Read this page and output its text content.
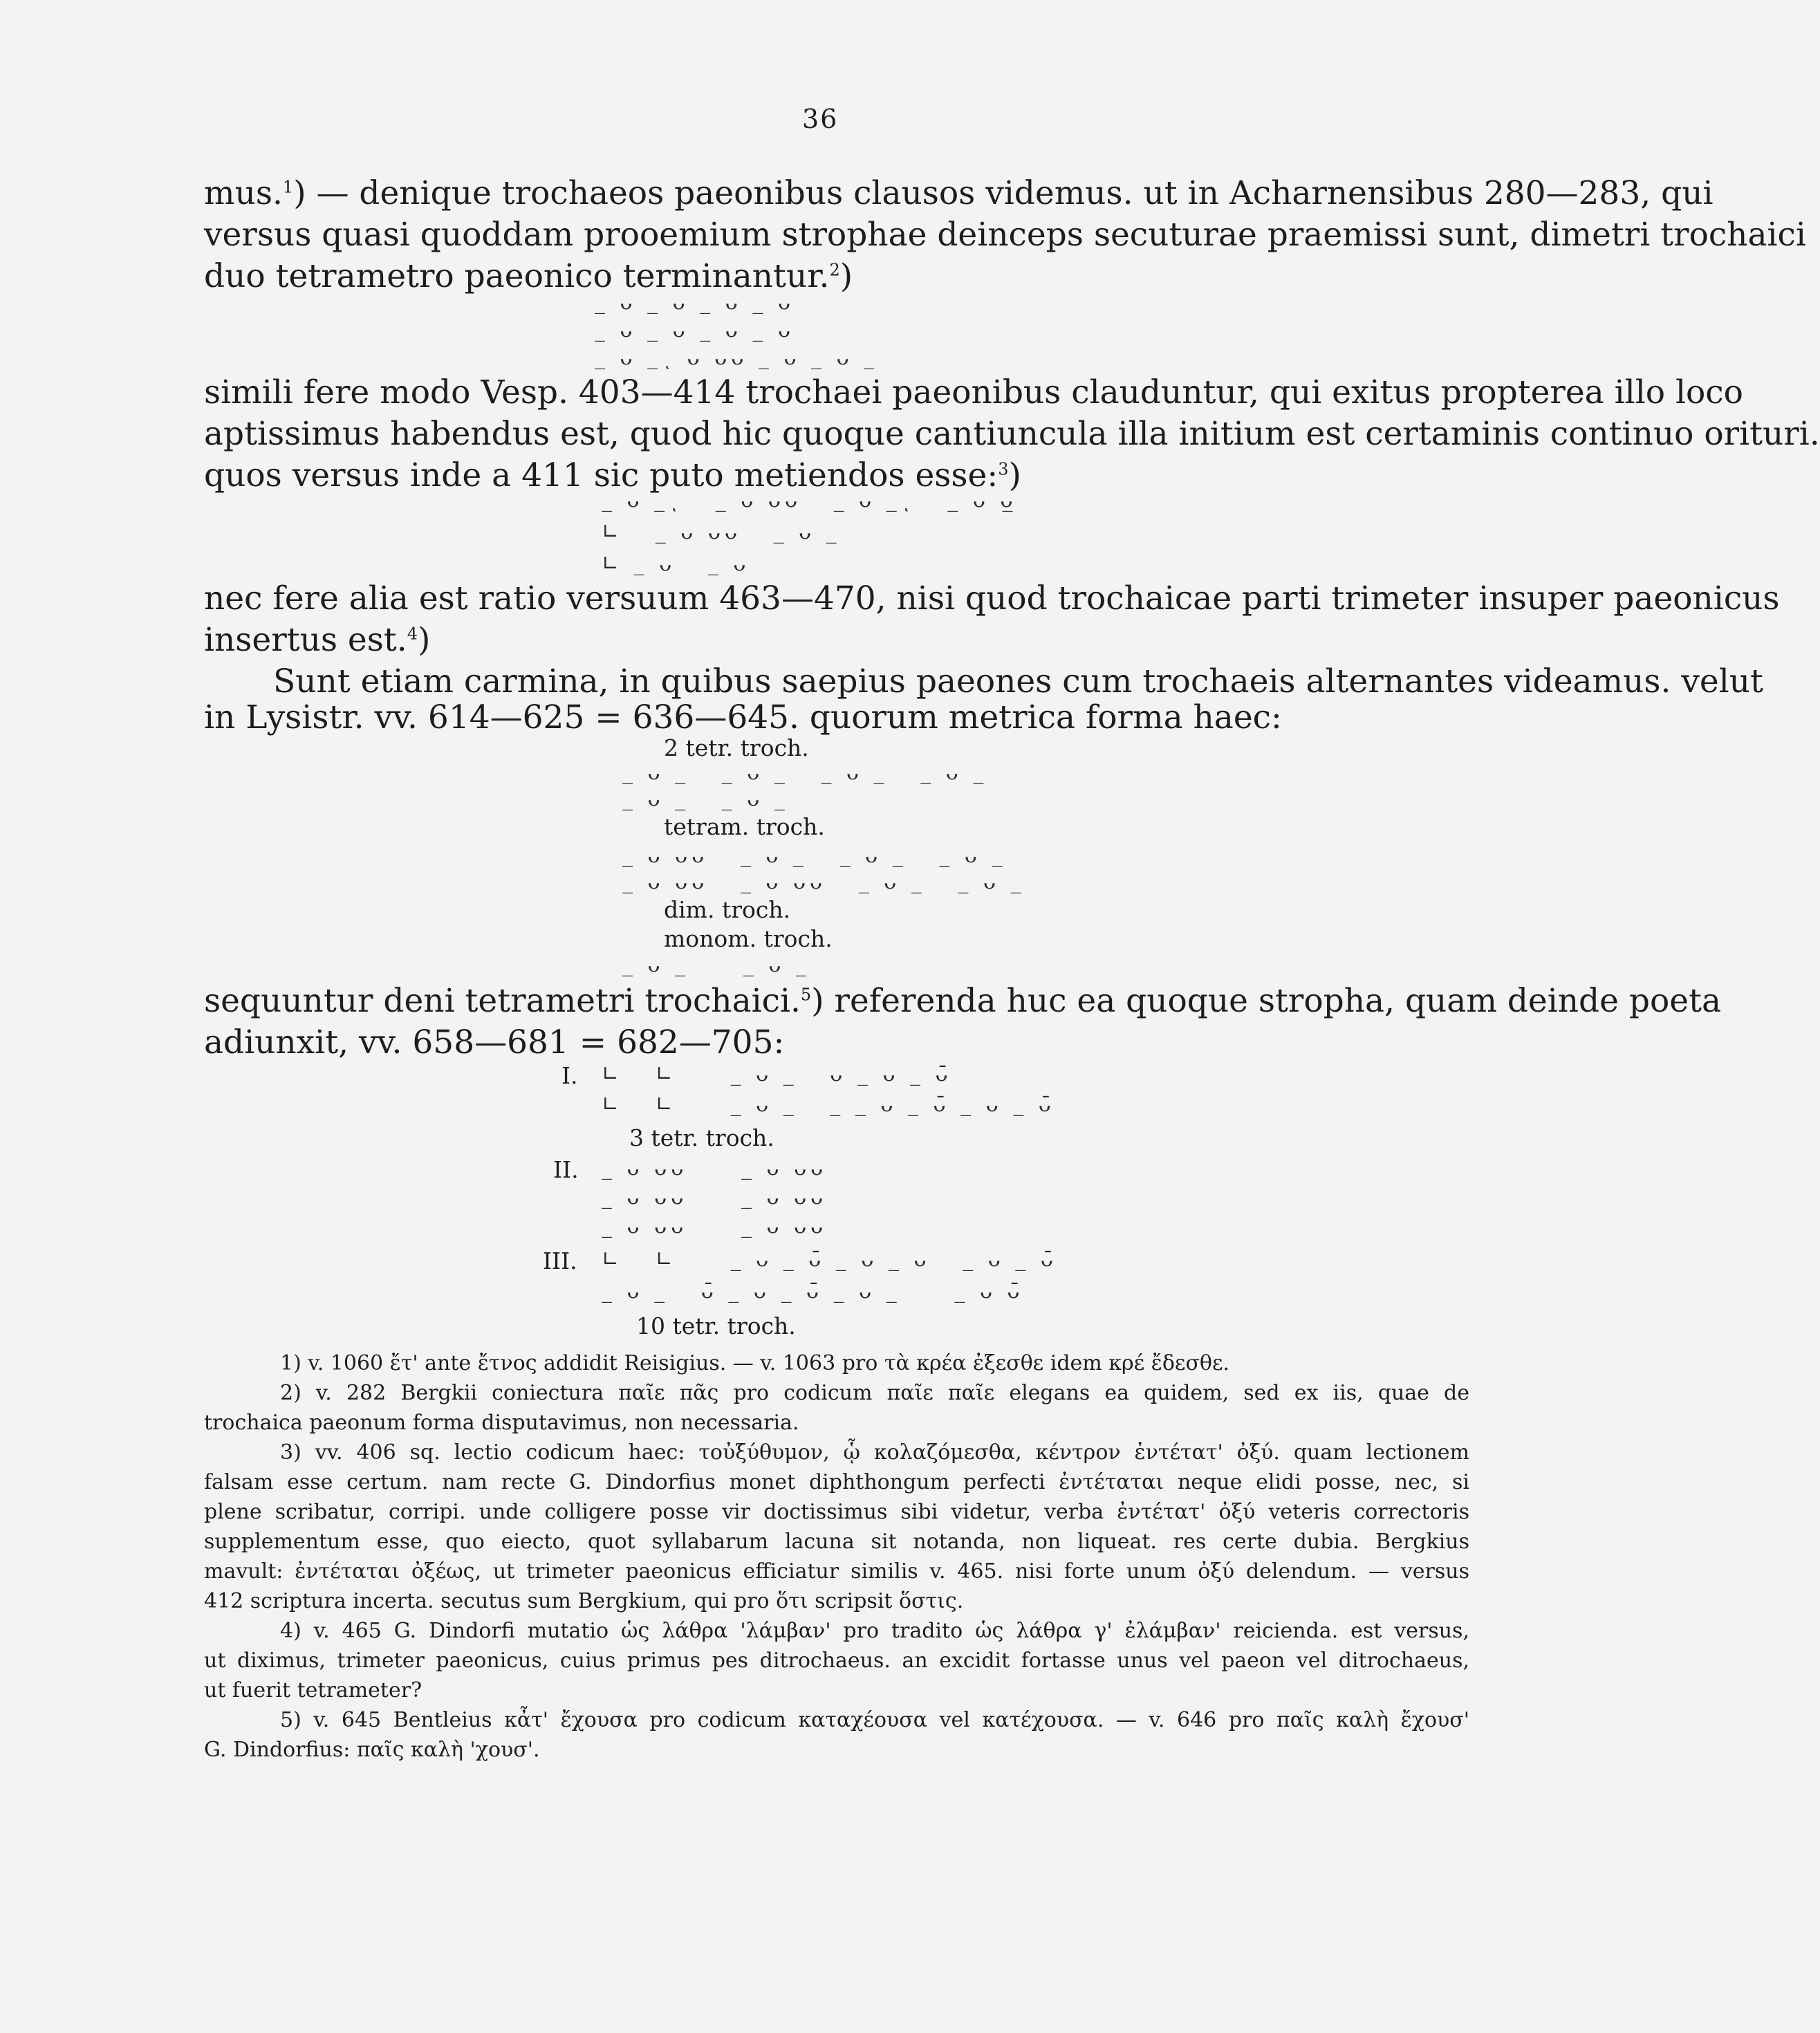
36

mus.$^1$) — denique trochaeos paeonibus clausos videmus. ut in Acharnensibus 280—283, qui

versus quasi quoddam prooemium strophae deinceps secuturae praemissi sunt, dimetri trochaici

duo tetrametro paeonico terminantur.$^2$)

_ ᴗ _ ᴗ _ ᴗ _ ᴗ
_ ᴗ _ ᴗ _ ᴗ _ ᴗ
_ ᴗ _ͺ ᴗ ᴗᴗ _ ᴗ _ ᴗ _

simili fere modo Vesp. 403—414 trochaei paeonibus clauduntur, qui exitus propterea illo loco

aptissimus habendus est, quod hic quoque cantiuncula illa initium est certaminis continuo orituri.

quos versus inde a 411 sic puto metiendos esse:$^3$)

_ ᴗ _ͺ   _ ᴗ ᴗᴗ   _ ᴗ _ͺ   _ ᴗ ᴗ̲
∟   _ ᴗ ᴗᴗ   _ ᴗ _
∟ _ ᴗ   _ ᴗ

nec fere alia est ratio versuum 463—470, nisi quod trochaicae parti trimeter insuper paeonicus

insertus est.$^4$)

Sunt etiam carmina, in quibus saepius paeones cum trochaeis alternantes videamus. velut

in Lysistr. vv. 614—625 = 636—645. quorum metrica forma haec:

2 tetr. troch.
_ ᴗ _   _ ᴗ _   _ ᴗ _   _ ᴗ _
_ ᴗ _   _ ᴗ _
tetram. troch.
_ ᴗ ᴗᴗ   _ ᴗ _   _ ᴗ _   _ ᴗ _
_ ᴗ ᴗᴗ   _ ᴗ ᴗᴗ   _ ᴗ _   _ ᴗ _
dim. troch.
monom. troch.
_ ᴗ _     _ ᴗ _

sequuntur deni tetrametri trochaici.$^5$) referenda huc ea quoque stropha, quam deinde poeta

adiunxit, vv. 658—681 = 682—705:

I. ∟   ∟     _ ᴗ _   ᴗ _ ᴗ _ ᴗ̄
∟   ∟     _ ᴗ _   _ _ ᴗ _ ᴗ̄ _ ᴗ _ ᴗ̄
3 tetr. troch.
II. _ ᴗ ᴗᴗ     _ ᴗ ᴗᴗ
_ ᴗ ᴗᴗ     _ ᴗ ᴗᴗ
_ ᴗ ᴗᴗ     _ ᴗ ᴗᴗ
III. ∟   ∟     _ ᴗ _ ᴗ̄ _ ᴗ _ ᴗ   _ ᴗ _ ᴗ̄
_ ᴗ _   ᴗ̄ _ ᴗ _ ᴗ̄ _ ᴗ _     _ ᴗ ᴗ̄
10 tetr. troch.

1) v. 1060 ἔτ' ante ἔτνος addidit Reisigius. — v. 1063 pro τὰ κρέα ἐξεσθε idem κρέ ἔδεσθε.

2) v. 282 Bergkii coniectura παῖε πᾶς pro codicum παῖε παῖε elegans ea quidem, sed ex iis, quae de

trochaica paeonum forma disputavimus, non necessaria.

3) vv. 406 sq. lectio codicum haec: τοὐξύθυμον, ᾧ κολαζόμεσθα, κέντρον ἐντέτατ' ὀξύ. quam lectionem

falsam esse certum. nam recte G. Dindorfius monet diphthongum perfecti ἐντέταται neque elidi posse, nec, si

plene scribatur, corripi. unde colligere posse vir doctissimus sibi videtur, verba ἐντέτατ' ὀξύ veteris correctoris

supplementum esse, quo eiecto, quot syllabarum lacuna sit notanda, non liqueat. res certe dubia. Bergkius

mavult: ἐντέταται ὀξέως, ut trimeter paeonicus efficiatur similis v. 465. nisi forte unum ὀξύ delendum. — versus

412 scriptura incerta. secutus sum Bergkium, qui pro ὅτι scripsit ὅστις.

4) v. 465 G. Dindorfi mutatio ὡς λάθρα 'λάμβαν' pro tradito ὡς λάθρα γ' ἐλάμβαν' reicienda. est versus,

ut diximus, trimeter paeonicus, cuius primus pes ditrochaeus. an excidit fortasse unus vel paeon vel ditrochaeus,

ut fuerit tetrameter?

5) v. 645 Bentleius κἆτ' ἔχουσα pro codicum καταχέουσα vel κατέχουσα. — v. 646 pro παῖς καλὴ ἔχουσ'

G. Dindorfius: παῖς καλὴ 'χουσ'.
